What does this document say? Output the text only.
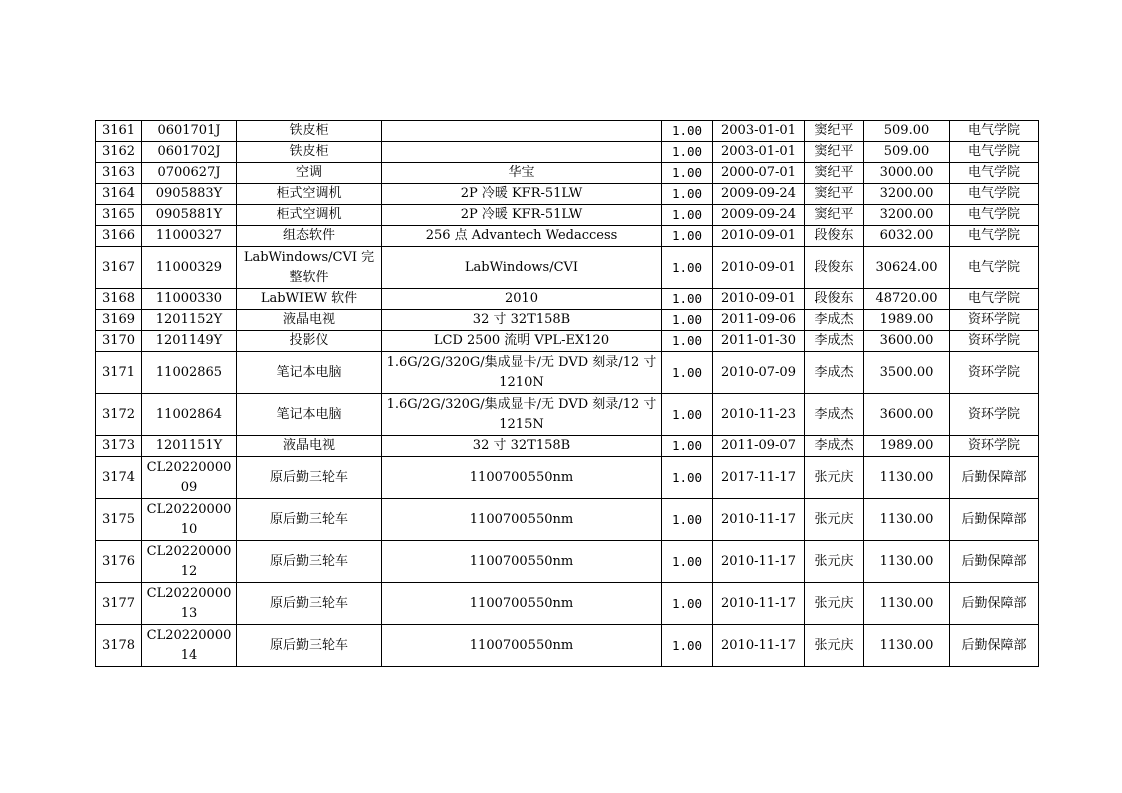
3161	0601701J	铁皮柜		1.00	2003-01-01	窦纪平	509.00	电气学院
3162	0601702J	铁皮柜		1.00	2003-01-01	窦纪平	509.00	电气学院
3163	0700627J	空调	华宝	1.00	2000-07-01	窦纪平	3000.00	电气学院
3164	0905883Y	柜式空调机	2P 冷暖 KFR-51LW	1.00	2009-09-24	窦纪平	3200.00	电气学院
3165	0905881Y	柜式空调机	2P 冷暖 KFR-51LW	1.00	2009-09-24	窦纪平	3200.00	电气学院
3166	11000327	组态软件	256 点 Advantech Wedaccess	1.00	2010-09-01	段俊东	6032.00	电气学院
3167	11000329	LabWindows/CVI 完整软件	LabWindows/CVI	1.00	2010-09-01	段俊东	30624.00	电气学院
3168	11000330	LabWIEW 软件	2010	1.00	2010-09-01	段俊东	48720.00	电气学院
3169	1201152Y	液晶电视	32 寸 32T158B	1.00	2011-09-06	李成杰	1989.00	资环学院
3170	1201149Y	投影仪	LCD 2500 流明 VPL-EX120	1.00	2011-01-30	李成杰	3600.00	资环学院
3171	11002865	笔记本电脑	1.6G/2G/320G/集成显卡/无 DVD 刻录/12 寸 1210N	1.00	2010-07-09	李成杰	3500.00	资环学院
3172	11002864	笔记本电脑	1.6G/2G/320G/集成显卡/无 DVD 刻录/12 寸 1215N	1.00	2010-11-23	李成杰	3600.00	资环学院
3173	1201151Y	液晶电视	32 寸 32T158B	1.00	2011-09-07	李成杰	1989.00	资环学院
3174	CL2022000009	原后勤三轮车	1100700550nm	1.00	2017-11-17	张元庆	1130.00	后勤保障部
3175	CL2022000010	原后勤三轮车	1100700550nm	1.00	2010-11-17	张元庆	1130.00	后勤保障部
3176	CL2022000012	原后勤三轮车	1100700550nm	1.00	2010-11-17	张元庆	1130.00	后勤保障部
3177	CL2022000013	原后勤三轮车	1100700550nm	1.00	2010-11-17	张元庆	1130.00	后勤保障部
3178	CL2022000014	原后勤三轮车	1100700550nm	1.00	2010-11-17	张元庆	1130.00	后勤保障部
